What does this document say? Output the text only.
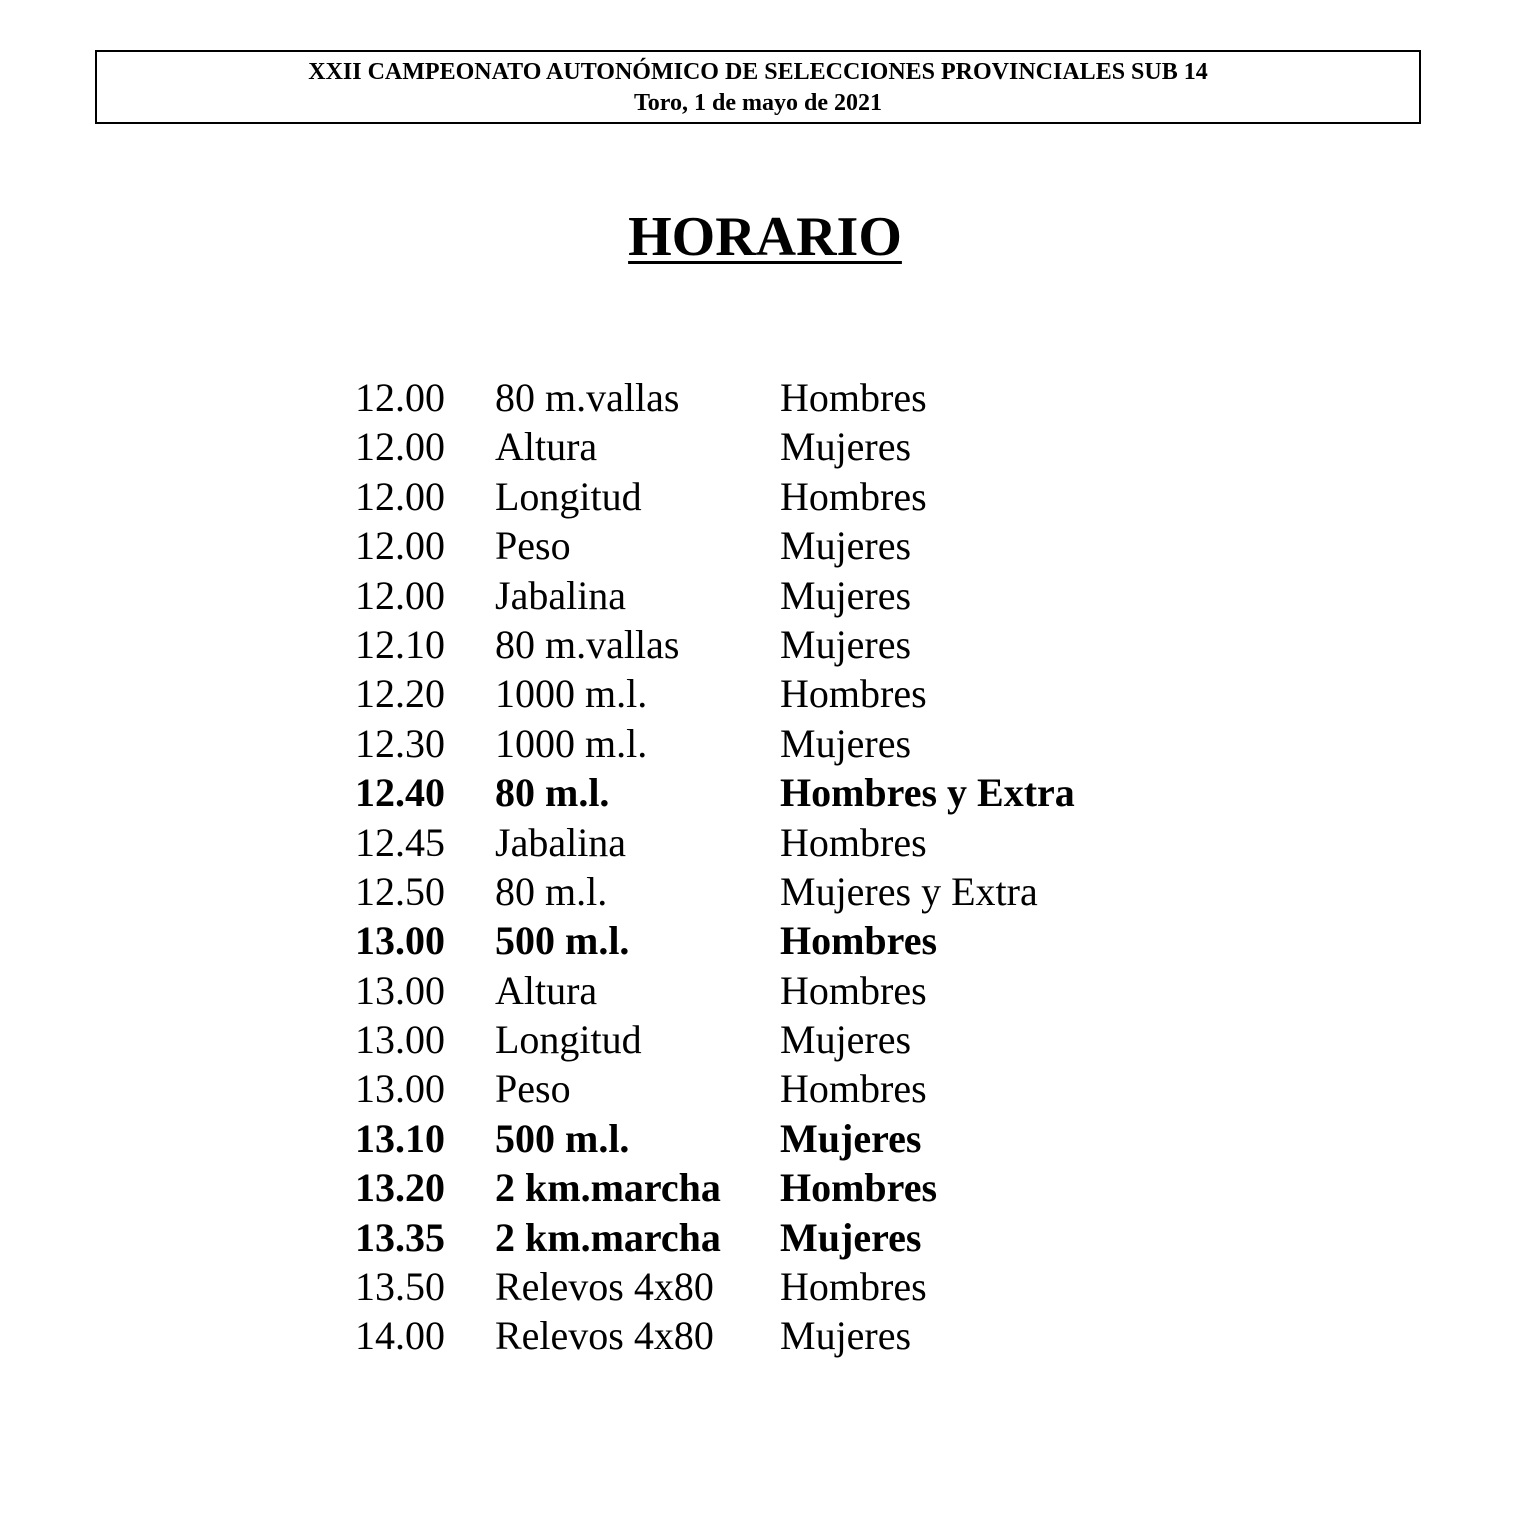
XXII CAMPEONATO AUTONÓMICO DE SELECCIONES PROVINCIALES SUB 14
Toro, 1 de mayo de 2021
HORARIO
12.00 80 m.vallas	Hombres
12.00 Altura	Mujeres
12.00 Longitud	Hombres
12.00 Peso	Mujeres
12.00 Jabalina	Mujeres
12.10 80 m.vallas	Mujeres
12.20 1000 m.l.	Hombres
12.30 1000 m.l.	Mujeres
12.40 80 m.l.	Hombres y Extra
12.45 Jabalina	Hombres
12.50 80 m.l.	Mujeres y Extra
13.00 500 m.l.	Hombres
13.00 Altura	Hombres
13.00 Longitud	Mujeres
13.00 Peso	Hombres
13.10 500 m.l.	Mujeres
13.20 2 km.marcha Hombres
13.35 2 km.marcha Mujeres
13.50 Relevos 4x80 Hombres
14.00 Relevos 4x80 Mujeres
